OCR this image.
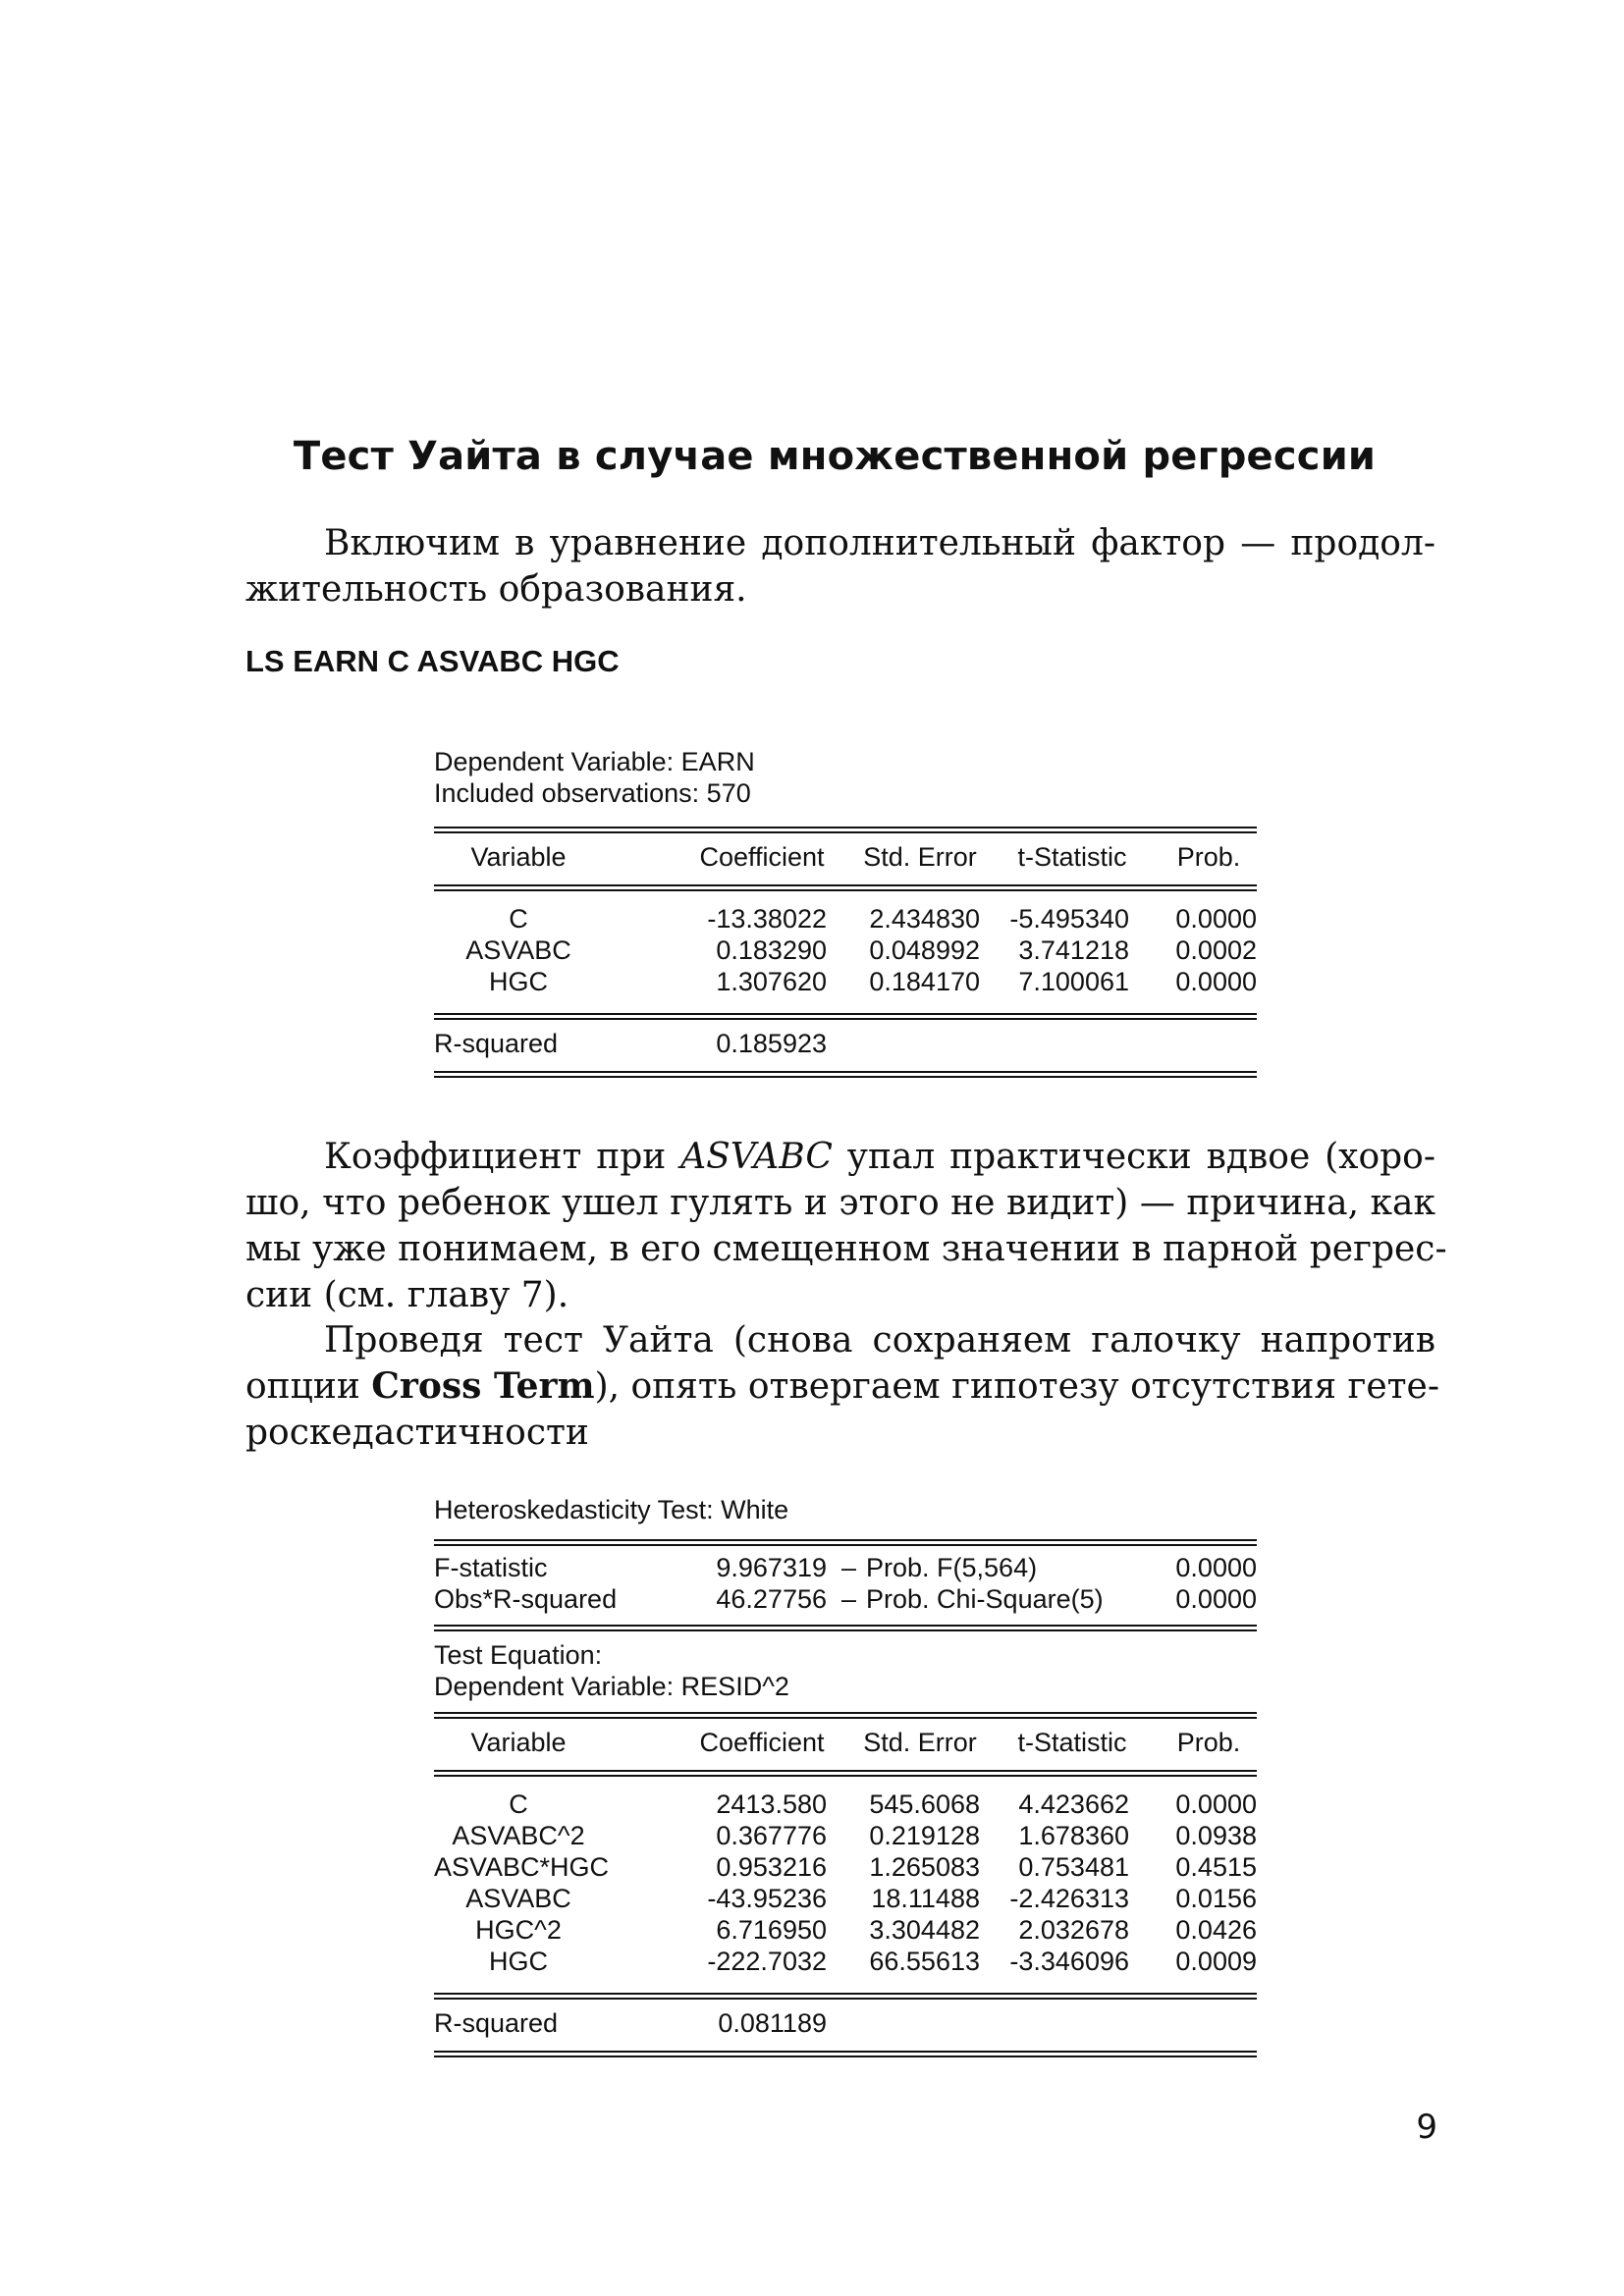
Тест Уайта в случае множественной регрессии
Включим в уравнение дополнительный фактор — продол-
жительность образования.
LS EARN C ASVABC HGC
Dependent Variable: EARN
Included observations: 570
Variable	Coefficient	Std. Error	t-Statistic	Prob.
C	-13.38022 2.434830 -5.495340 0.0000
ASVABC	0.183290 0.048992 3.741218 0.0002
HGC	1.307620 0.184170 7.100061 0.0000
R-squared	0.185923
Коэффициент при ASVABC упал практически вдвое (хоро-
шо, что ребенок ушел гулять и этого не видит) — причина, как
мы уже понимаем, в его смещенном значении в парной регрес-
сии (см. главу 7).
Проведя тест Уайта (снова сохраняем галочку напротив
опции Cross Term), опять отвергаем гипотезу отсутствия гете-
роскедастичности
Heteroskedasticity Test: White
F-statistic	9.967319 – Prob. F(5,564)	0.0000
Obs*R-squared	46.27756 – Prob. Chi-Square(5)	0.0000
Test Equation:
Dependent Variable: RESID^2
Variable	Coefficient	Std. Error	t-Statistic	Prob.
C	2413.580 545.6068 4.423662 0.0000
ASVABC^2	0.367776 0.219128 1.678360 0.0938
ASVABC*HGC	0.953216 1.265083 0.753481 0.4515
ASVABC	-43.95236 18.11488 -2.426313 0.0156
HGC^2	6.716950 3.304482 2.032678 0.0426
HGC	-222.7032 66.55613 -3.346096 0.0009
R-squared	0.081189
9
